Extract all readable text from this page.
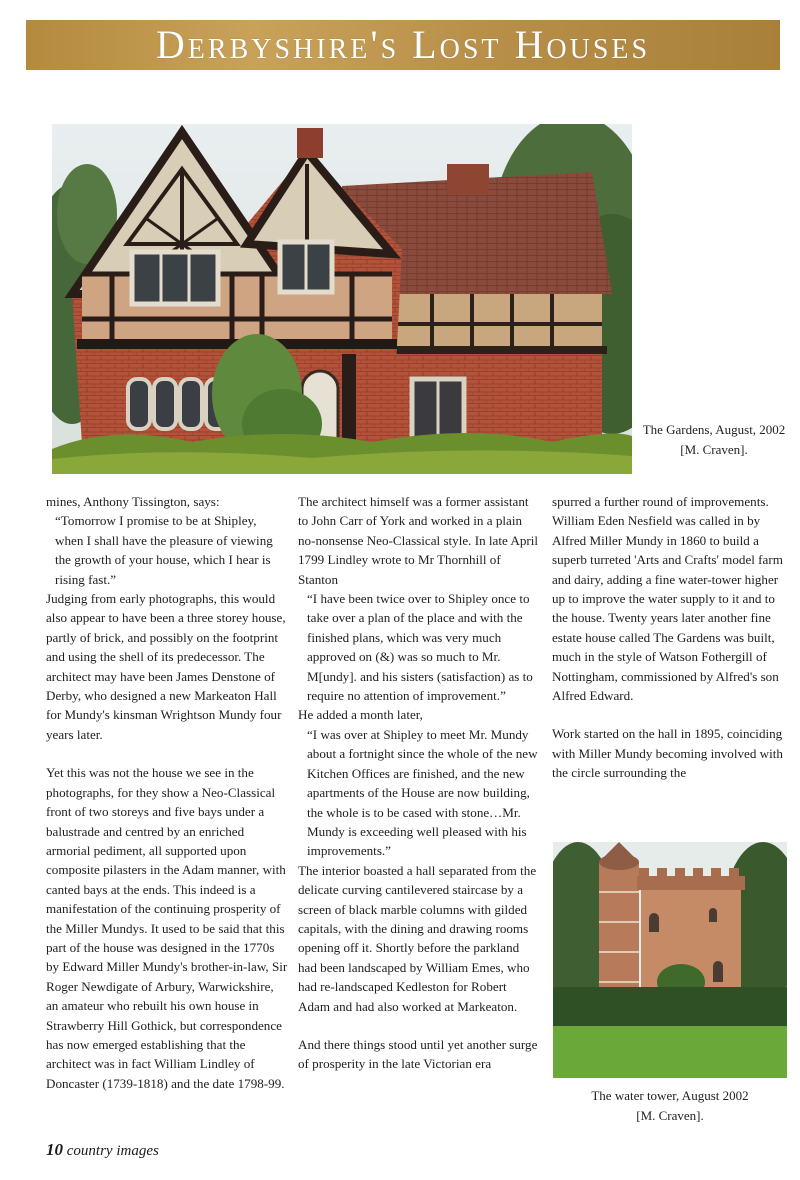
Derbyshire's Lost Houses
The Gardens, August, 2002
[M. Craven].

mines, Anthony Tissington, says:

“Tomorrow I promise to be at Shipley, when I shall have the pleasure of viewing the growth of your house, which I hear is rising fast.”

Judging from early photographs, this would also appear to have been a three storey house, partly of brick, and possibly on the footprint and using the shell of its predecessor. The architect may have been James Denstone of Derby, who designed a new Markeaton Hall for Mundy's kinsman Wrightson Mundy four years later.

Yet this was not the house we see in the photographs, for they show a Neo-Classical front of two storeys and five bays under a balustrade and centred by an enriched armorial pediment, all supported upon composite pilasters in the Adam manner, with canted bays at the ends. This indeed is a manifestation of the continuing prosperity of the Miller Mundys. It used to be said that this part of the house was designed in the 1770s by Edward Miller Mundy's brother-in-law, Sir Roger Newdigate of Arbury, Warwickshire, an amateur who rebuilt his own house in Strawberry Hill Gothick, but correspondence has now emerged establishing that the architect was in fact William Lindley of Doncaster (1739-1818) and the date 1798-99.

The architect himself was a former assistant to John Carr of York and worked in a plain no-nonsense Neo-Classical style. In late April 1799 Lindley wrote to Mr Thornhill of Stanton

“I have been twice over to Shipley once to take over a plan of the place and with the finished plans, which was very much approved on (&) was so much to Mr. M[undy]. and his sisters (satisfaction) as to require no attention of improvement.”

He added a month later,

“I was over at Shipley to meet Mr. Mundy about a fortnight since the whole of the new Kitchen Offices are finished, and the new apartments of the House are now building, the whole is to be cased with stone…Mr. Mundy is exceeding well pleased with his improvements.”

The interior boasted a hall separated from the delicate curving cantilevered staircase by a screen of black marble columns with gilded capitals, with the dining and drawing rooms opening off it. Shortly before the parkland had been landscaped by William Emes, who had re-landscaped Kedleston for Robert Adam and had also worked at Markeaton.

And there things stood until yet another surge of prosperity in the late Victorian era

spurred a further round of improvements. William Eden Nesfield was called in by Alfred Miller Mundy in 1860 to build a superb turreted 'Arts and Crafts' model farm and dairy, adding a fine water-tower higher up to improve the water supply to it and to the house. Twenty years later another fine estate house called The Gardens was built, much in the style of Watson Fothergill of Nottingham, commissioned by Alfred's son Alfred Edward.

Work started on the hall in 1895, coinciding with Miller Mundy becoming involved with the circle surrounding the

The water tower, August 2002
[M. Craven].
10 country images
